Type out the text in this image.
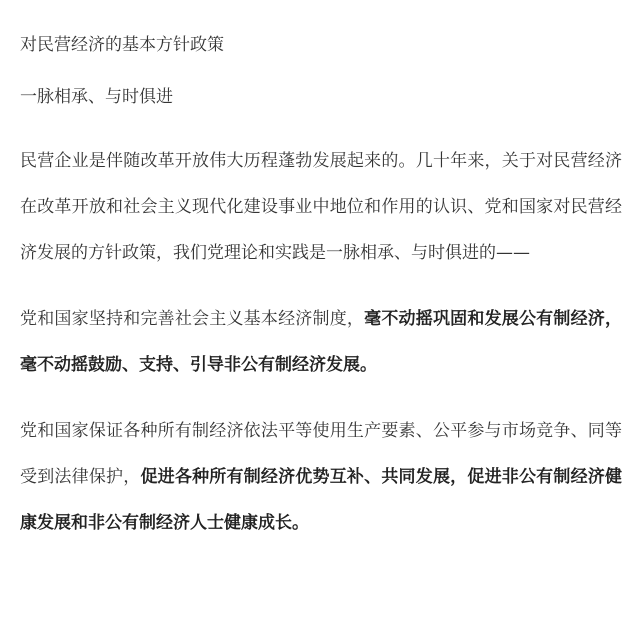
对民营经济的基本方针政策

一脉相承、与时俱进

民营企业是伴随改革开放伟大历程蓬勃发展起来的。几十年来，关于对民营经济在改革开放和社会主义现代化建设事业中地位和作用的认识、党和国家对民营经济发展的方针政策，我们党理论和实践是一脉相承、与时俱进的——

党和国家坚持和完善社会主义基本经济制度，毫不动摇巩固和发展公有制经济，毫不动摇鼓励、支持、引导非公有制经济发展。

党和国家保证各种所有制经济依法平等使用生产要素、公平参与市场竞争、同等受到法律保护，促进各种所有制经济优势互补、共同发展，促进非公有制经济健康发展和非公有制经济人士健康成长。
